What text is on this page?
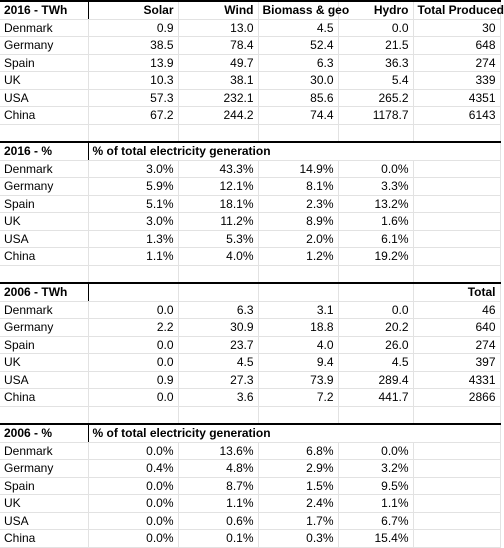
2016 - TWh	Solar	Wind	Biomass & geo	Hydro	Total Produced
Denmark	0.9	13.0	4.5	0.0	30
Germany	38.5	78.4	52.4	21.5	648
Spain	13.9	49.7	6.3	36.3	274
UK	10.3	38.1	30.0	5.4	339
USA	57.3	232.1	85.6	265.2	4351
China	67.2	244.2	74.4	1178.7	6143

2016 - %	% of total electricity generation				
Denmark	3.0%	43.3%	14.9%	0.0%	
Germany	5.9%	12.1%	8.1%	3.3%	
Spain	5.1%	18.1%	2.3%	13.2%	
UK	3.0%	11.2%	8.9%	1.6%	
USA	1.3%	5.3%	2.0%	6.1%	
China	1.1%	4.0%	1.2%	19.2%	

2006 - TWh					Total
Denmark	0.0	6.3	3.1	0.0	46
Germany	2.2	30.9	18.8	20.2	640
Spain	0.0	23.7	4.0	26.0	274
UK	0.0	4.5	9.4	4.5	397
USA	0.9	27.3	73.9	289.4	4331
China	0.0	3.6	7.2	441.7	2866

2006 - %	% of total electricity generation				
Denmark	0.0%	13.6%	6.8%	0.0%	
Germany	0.4%	4.8%	2.9%	3.2%	
Spain	0.0%	8.7%	1.5%	9.5%	
UK	0.0%	1.1%	2.4%	1.1%	
USA	0.0%	0.6%	1.7%	6.7%	
China	0.0%	0.1%	0.3%	15.4%	
